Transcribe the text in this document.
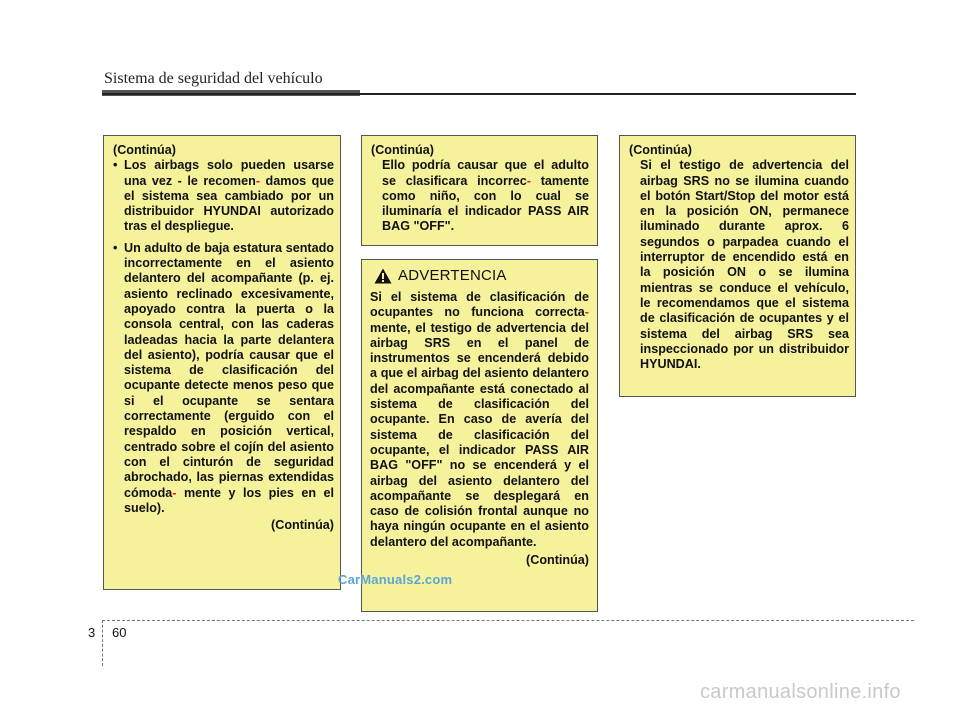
Sistema de seguridad del vehículo

(Continúa)

• Los airbags solo pueden usarse una vez - le recomen- damos que el sistema sea cambiado por un distribuidor HYUNDAI autorizado tras el despliegue.

• Un adulto de baja estatura sentado incorrectamente en el asiento delantero del acompañante (p. ej. asiento reclinado excesivamente, apoyado contra la puerta o la consola central, con las caderas ladeadas hacia la parte delantera del asiento), podría causar que el sistema de clasificación del ocupante detecte menos peso que si el ocupante se sentara correctamente (erguido con el respaldo en posición vertical, centrado sobre el cojín del asiento con el cinturón de seguridad abrochado, las piernas extendidas cómoda- mente y los pies en el suelo).

(Continúa)

(Continúa)

Ello podría causar que el adulto se clasificara incorrec- tamente como niño, con lo cual se iluminaría el indicador PASS AIR BAG "OFF".

ADVERTENCIA

Si el sistema de clasificación de ocupantes no funciona correcta- mente, el testigo de advertencia del airbag SRS en el panel de instrumentos se encenderá debido a que el airbag del asiento delantero del acompañante está conectado al sistema de clasificación del ocupante. En caso de avería del sistema de clasificación del ocupante, el indicador PASS AIR BAG "OFF" no se encenderá y el airbag del asiento delantero del acompañante se desplegará en caso de colisión frontal aunque no haya ningún ocupante en el asiento delantero del acompañante.

(Continúa)

(Continúa)

Si el testigo de advertencia del airbag SRS no se ilumina cuando el botón Start/Stop del motor está en la posición ON, permanece iluminado durante aprox. 6 segundos o parpadea cuando el interruptor de encendido está en la posición ON o se ilumina mientras se conduce el vehículo, le recomendamos que el sistema de clasificación de ocupantes y el sistema del airbag SRS sea inspeccionado por un distribuidor HYUNDAI.

CarManuals2.com
3 60
carmanualsonline.info
